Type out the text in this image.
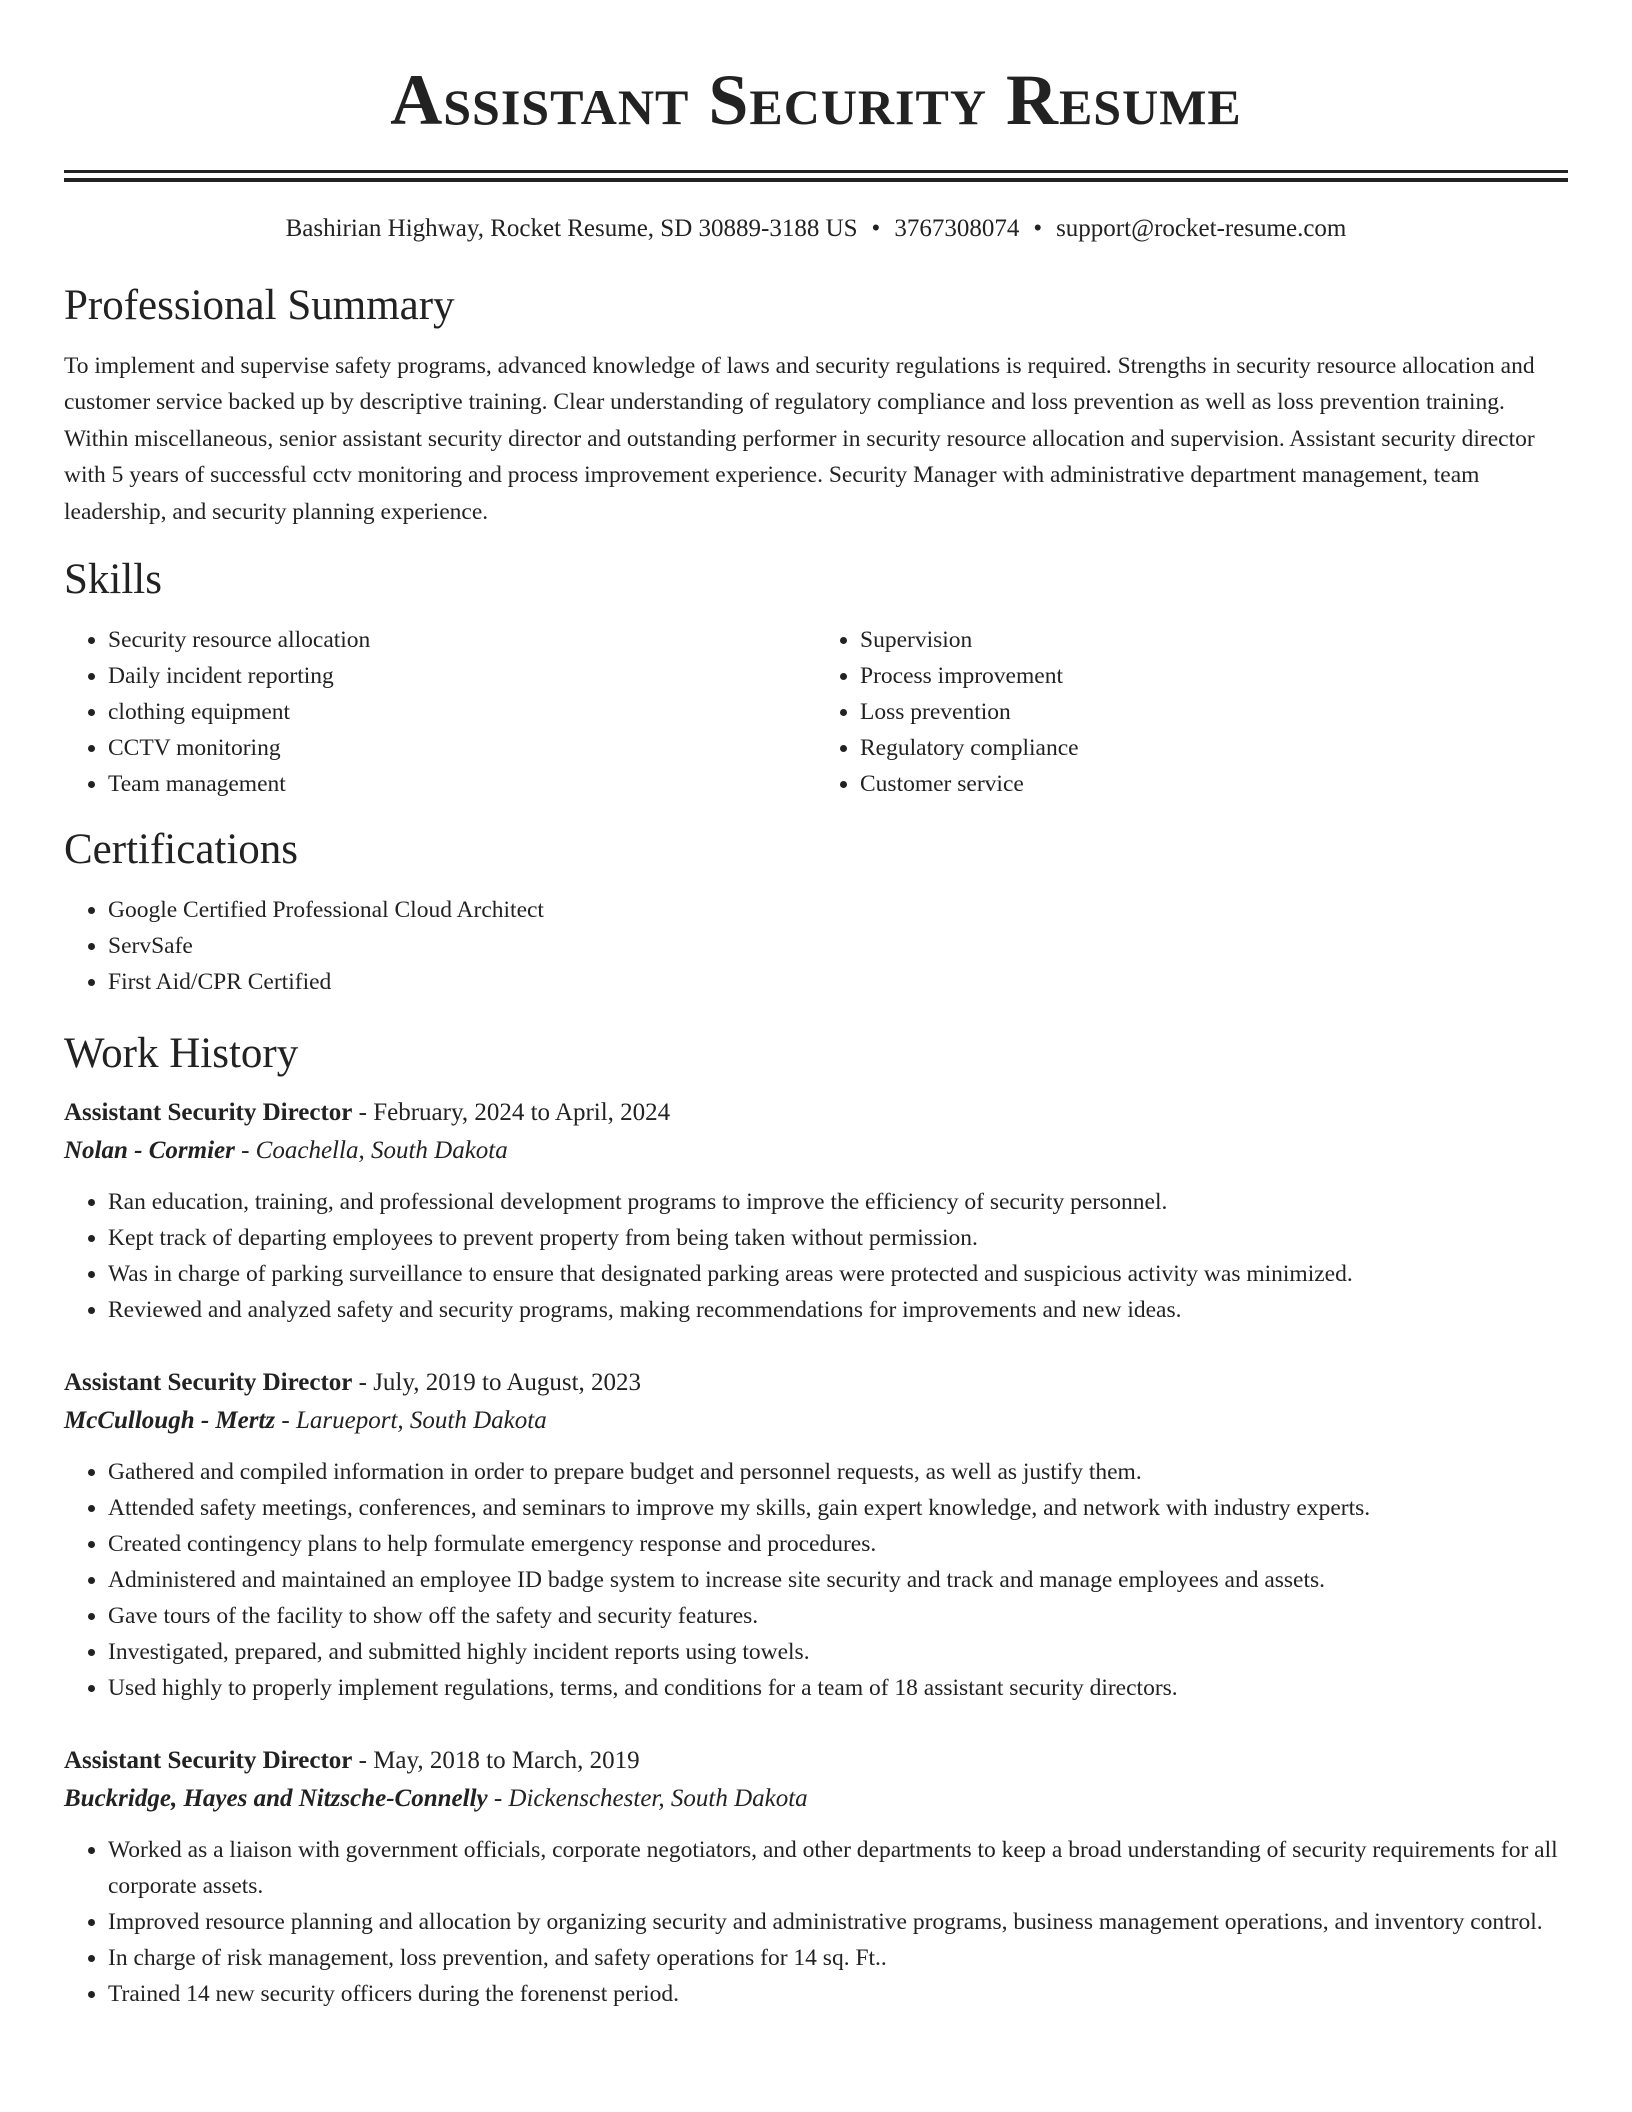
Assistant Security Resume
Bashirian Highway, Rocket Resume, SD 30889-3188 US • 3767308074 • support@rocket-resume.com
Professional Summary

To implement and supervise safety programs, advanced knowledge of laws and security regulations is required. Strengths in security resource allocation and customer service backed up by descriptive training. Clear understanding of regulatory compliance and loss prevention as well as loss prevention training. Within miscellaneous, senior assistant security director and outstanding performer in security resource allocation and supervision. Assistant security director with 5 years of successful cctv monitoring and process improvement experience. Security Manager with administrative department management, team leadership, and security planning experience.

Skills
• Security resource allocation
• Daily incident reporting
• clothing equipment
• CCTV monitoring
• Team management
• Supervision
• Process improvement
• Loss prevention
• Regulatory compliance
• Customer service
Certifications
• Google Certified Professional Cloud Architect
• ServSafe
• First Aid/CPR Certified
Work History
Assistant Security Director - February, 2024 to April, 2024
Nolan - Cormier - Coachella, South Dakota
• Ran education, training, and professional development programs to improve the efficiency of security personnel.
• Kept track of departing employees to prevent property from being taken without permission.
• Was in charge of parking surveillance to ensure that designated parking areas were protected and suspicious activity was minimized.
• Reviewed and analyzed safety and security programs, making recommendations for improvements and new ideas.
Assistant Security Director - July, 2019 to August, 2023
McCullough - Mertz - Larueport, South Dakota
• Gathered and compiled information in order to prepare budget and personnel requests, as well as justify them.
• Attended safety meetings, conferences, and seminars to improve my skills, gain expert knowledge, and network with industry experts.
• Created contingency plans to help formulate emergency response and procedures.
• Administered and maintained an employee ID badge system to increase site security and track and manage employees and assets.
• Gave tours of the facility to show off the safety and security features.
• Investigated, prepared, and submitted highly incident reports using towels.
• Used highly to properly implement regulations, terms, and conditions for a team of 18 assistant security directors.
Assistant Security Director - May, 2018 to March, 2019
Buckridge, Hayes and Nitzsche-Connelly - Dickenschester, South Dakota
• Worked as a liaison with government officials, corporate negotiators, and other departments to keep a broad understanding of security requirements for all corporate assets.
• Improved resource planning and allocation by organizing security and administrative programs, business management operations, and inventory control.
• In charge of risk management, loss prevention, and safety operations for 14 sq. Ft..
• Trained 14 new security officers during the forenenst period.
